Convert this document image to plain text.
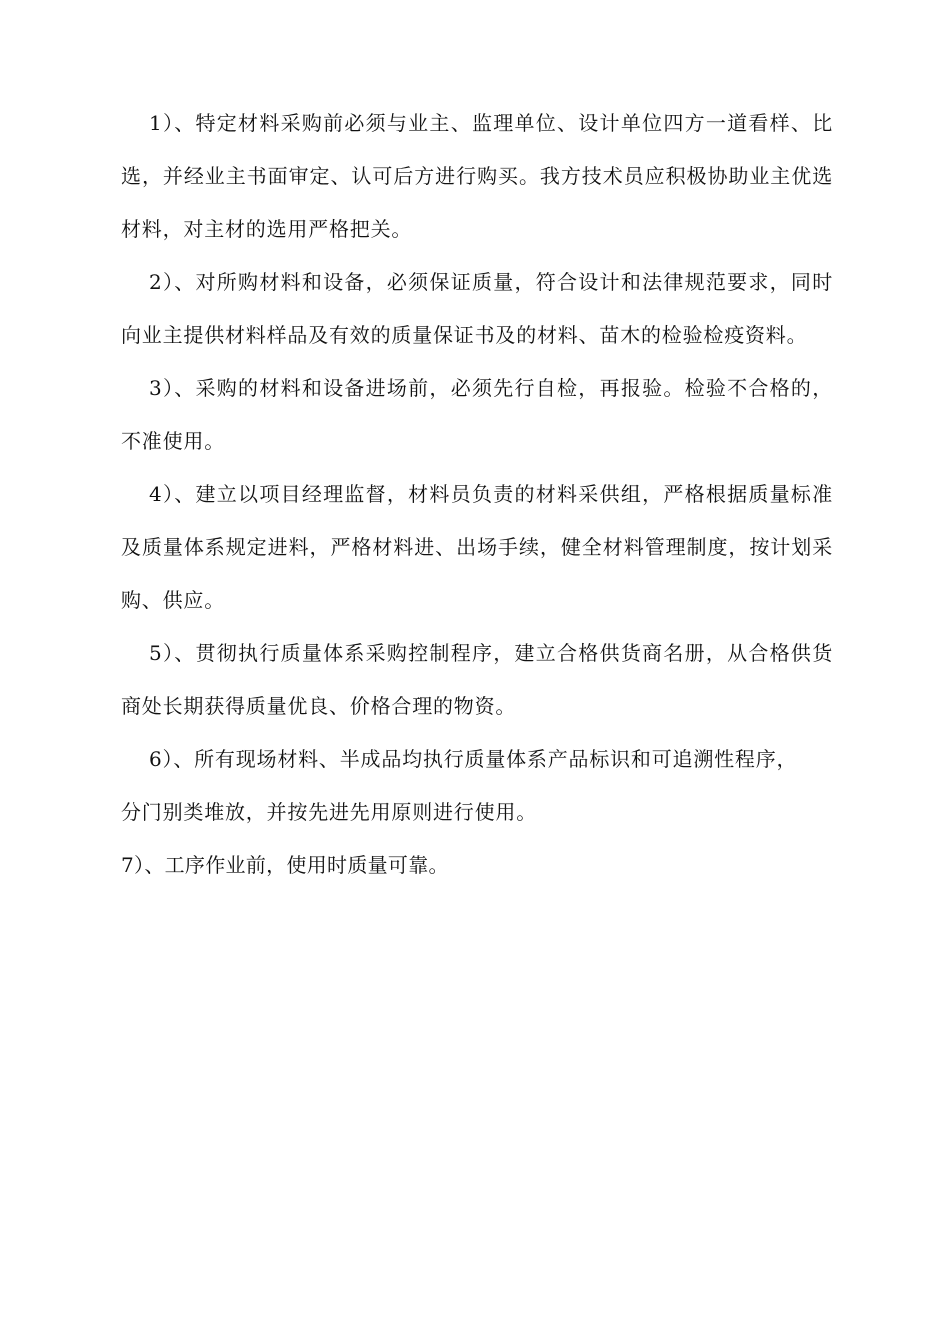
1）、特定材料采购前必须与业主、监理单位、设计单位四方一道看样、比选，并经业主书面审定、认可后方进行购买。我方技术员应积极协助业主优选材料，对主材的选用严格把关。

2）、对所购材料和设备，必须保证质量，符合设计和法律规范要求，同时向业主提供材料样品及有效的质量保证书及的材料、苗木的检验检疫资料。

3）、采购的材料和设备进场前，必须先行自检，再报验。检验不合格的，不准使用。

4）、建立以项目经理监督，材料员负责的材料采供组，严格根据质量标准及质量体系规定进料，严格材料进、出场手续，健全材料管理制度，按计划采购、供应。

5）、贯彻执行质量体系采购控制程序，建立合格供货商名册，从合格供货商处长期获得质量优良、价格合理的物资。

6）、所有现场材料、半成品均执行质量体系产品标识和可追溯性程序，

分门别类堆放，并按先进先用原则进行使用。

7）、工序作业前，使用时质量可靠。
